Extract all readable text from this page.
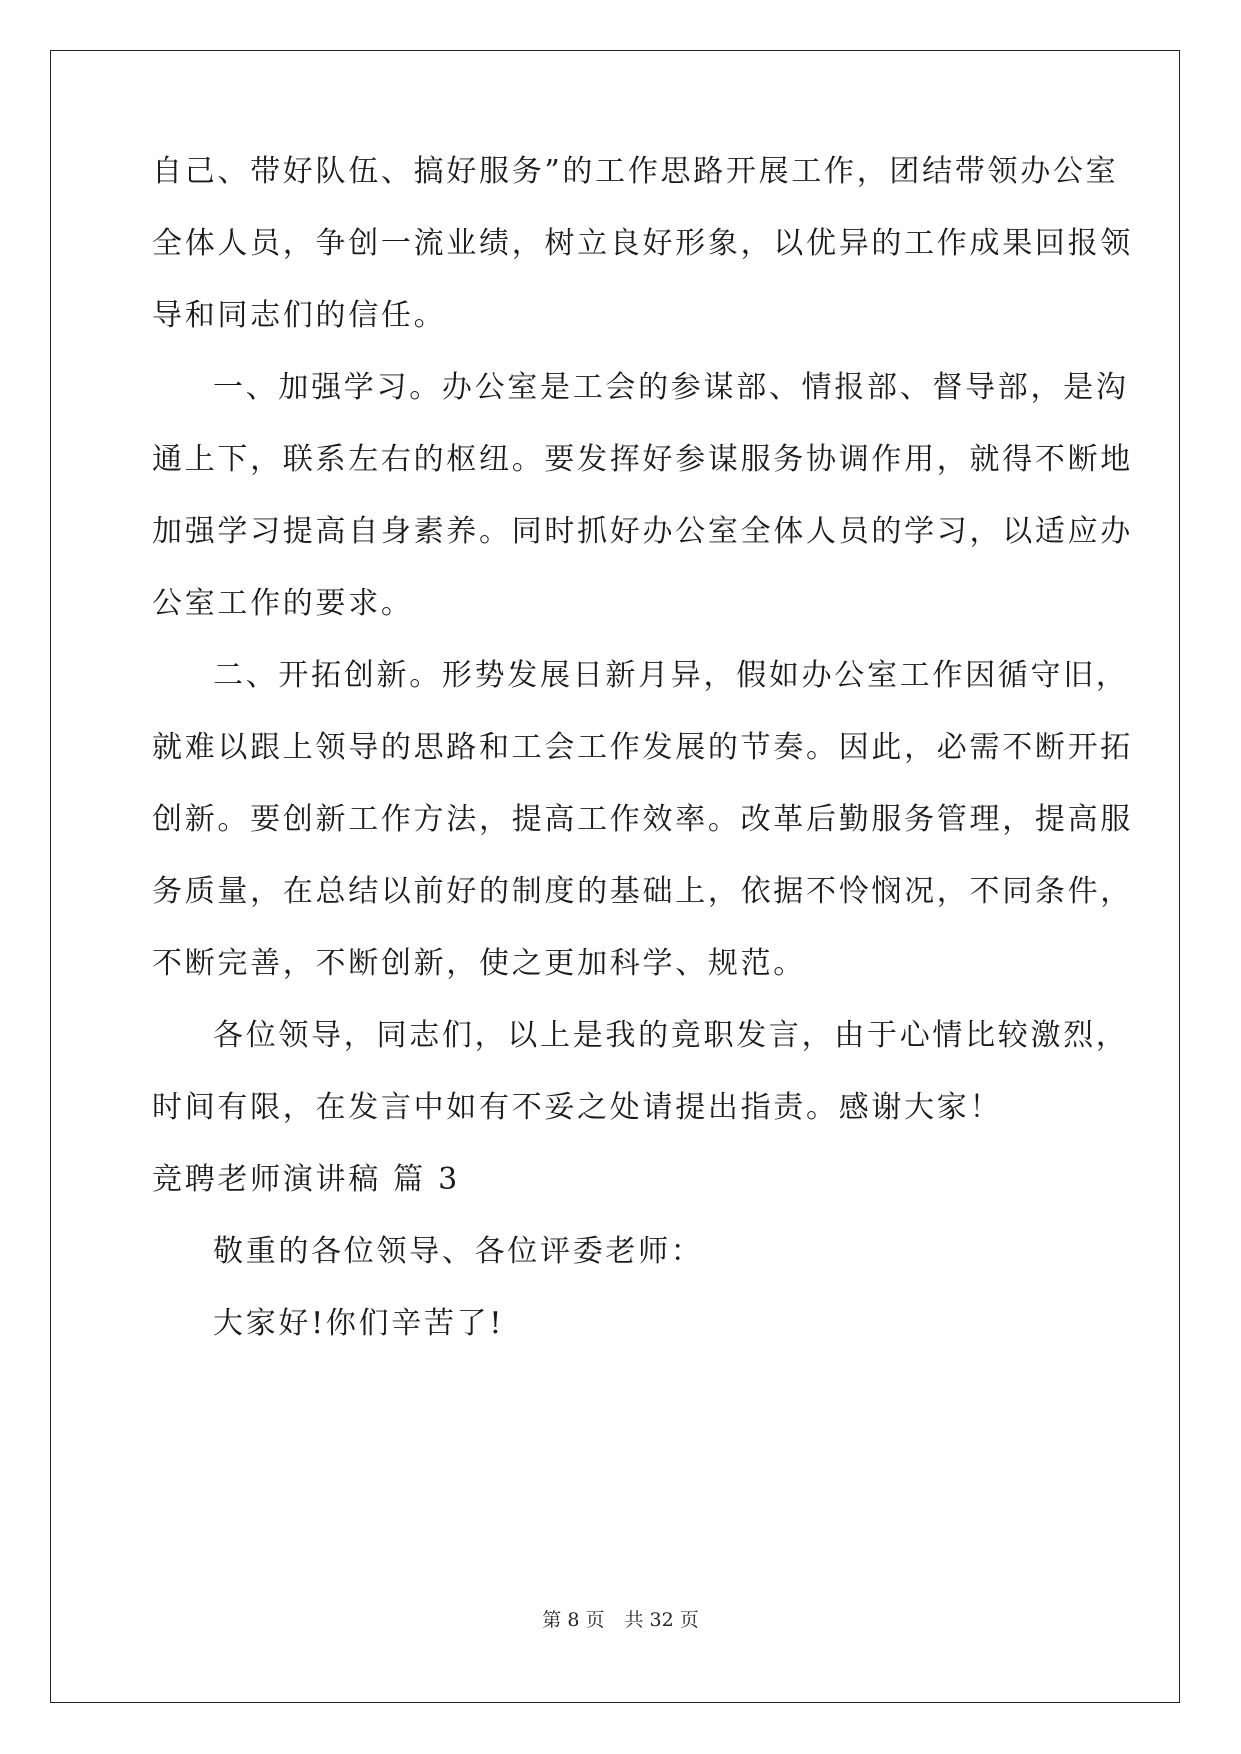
自己、带好队伍、搞好服务”的工作思路开展工作，团结带领办公室
全体人员，争创一流业绩，树立良好形象，以优异的工作成果回报领
导和同志们的信任。
一、加强学习。办公室是工会的参谋部、情报部、督导部，是沟
通上下，联系左右的枢纽。要发挥好参谋服务协调作用，就得不断地
加强学习提高自身素养。同时抓好办公室全体人员的学习，以适应办
公室工作的要求。
二、开拓创新。形势发展日新月异，假如办公室工作因循守旧，
就难以跟上领导的思路和工会工作发展的节奏。因此，必需不断开拓
创新。要创新工作方法，提高工作效率。改革后勤服务管理，提高服
务质量，在总结以前好的制度的基础上，依据不怜悯况，不同条件，
不断完善，不断创新，使之更加科学、规范。
各位领导，同志们，以上是我的竟职发言，由于心情比较激烈，
时间有限，在发言中如有不妥之处请提出指责。感谢大家！
竞聘老师演讲稿 篇 3
敬重的各位领导、各位评委老师：
大家好!你们辛苦了!
第 8 页 共 32 页
